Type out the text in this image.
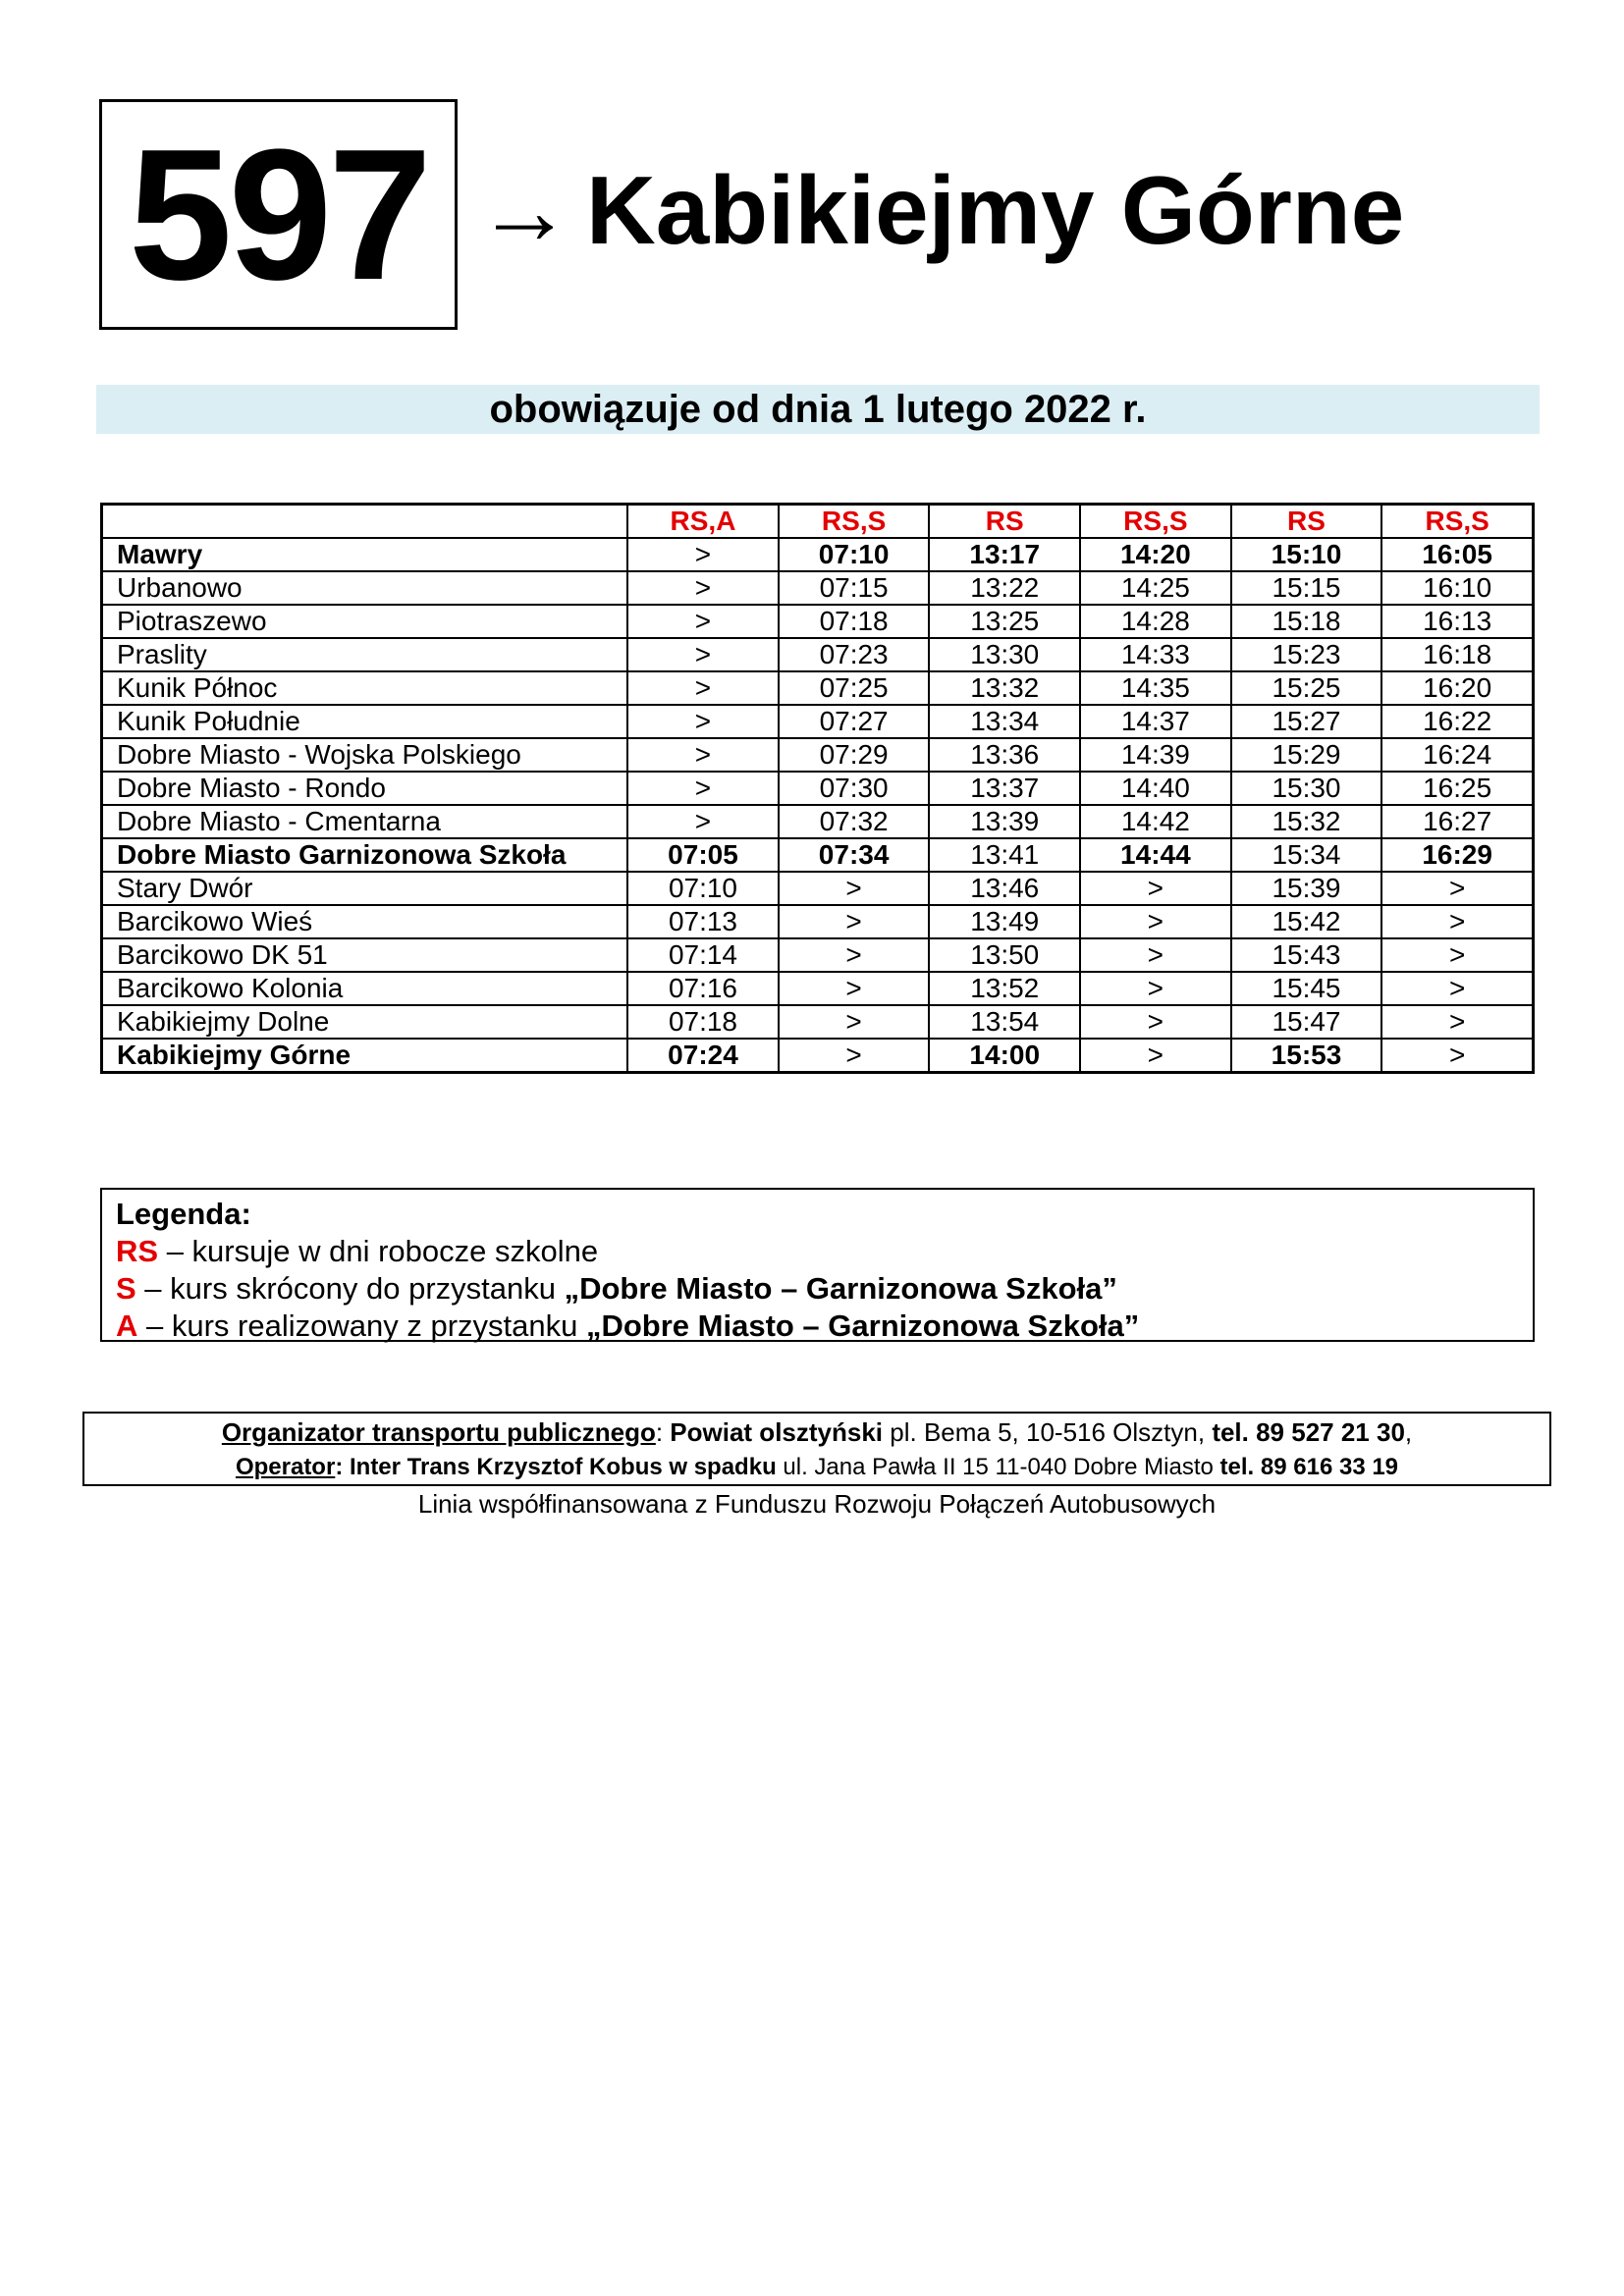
597 → Kabikiejmy Górne
obowiązuje od dnia 1 lutego 2022 r.
	RS,A	RS,S	RS	RS,S	RS	RS,S
Mawry	>	07:10	13:17	14:20	15:10	16:05
Urbanowo	>	07:15	13:22	14:25	15:15	16:10
Piotraszewo	>	07:18	13:25	14:28	15:18	16:13
Praslity	>	07:23	13:30	14:33	15:23	16:18
Kunik Północ	>	07:25	13:32	14:35	15:25	16:20
Kunik Południe	>	07:27	13:34	14:37	15:27	16:22
Dobre Miasto - Wojska Polskiego	>	07:29	13:36	14:39	15:29	16:24
Dobre Miasto - Rondo	>	07:30	13:37	14:40	15:30	16:25
Dobre Miasto - Cmentarna	>	07:32	13:39	14:42	15:32	16:27
Dobre Miasto Garnizonowa Szkoła	07:05	07:34	13:41	14:44	15:34	16:29
Stary Dwór	07:10	>	13:46	>	15:39	>
Barcikowo Wieś	07:13	>	13:49	>	15:42	>
Barcikowo DK 51	07:14	>	13:50	>	15:43	>
Barcikowo Kolonia	07:16	>	13:52	>	15:45	>
Kabikiejmy Dolne	07:18	>	13:54	>	15:47	>
Kabikiejmy Górne	07:24	>	14:00	>	15:53	>
Legenda:
RS – kursuje w dni robocze szkolne
S – kurs skrócony do przystanku „Dobre Miasto – Garnizonowa Szkoła”
A – kurs realizowany z przystanku „Dobre Miasto – Garnizonowa Szkoła”
Organizator transportu publicznego: Powiat olsztyński pl. Bema 5, 10-516 Olsztyn, tel. 89 527 21 30,
Operator: Inter Trans Krzysztof Kobus w spadku ul. Jana Pawła II 15 11-040 Dobre Miasto tel. 89 616 33 19
Linia współfinansowana z Funduszu Rozwoju Połączeń Autobusowych
